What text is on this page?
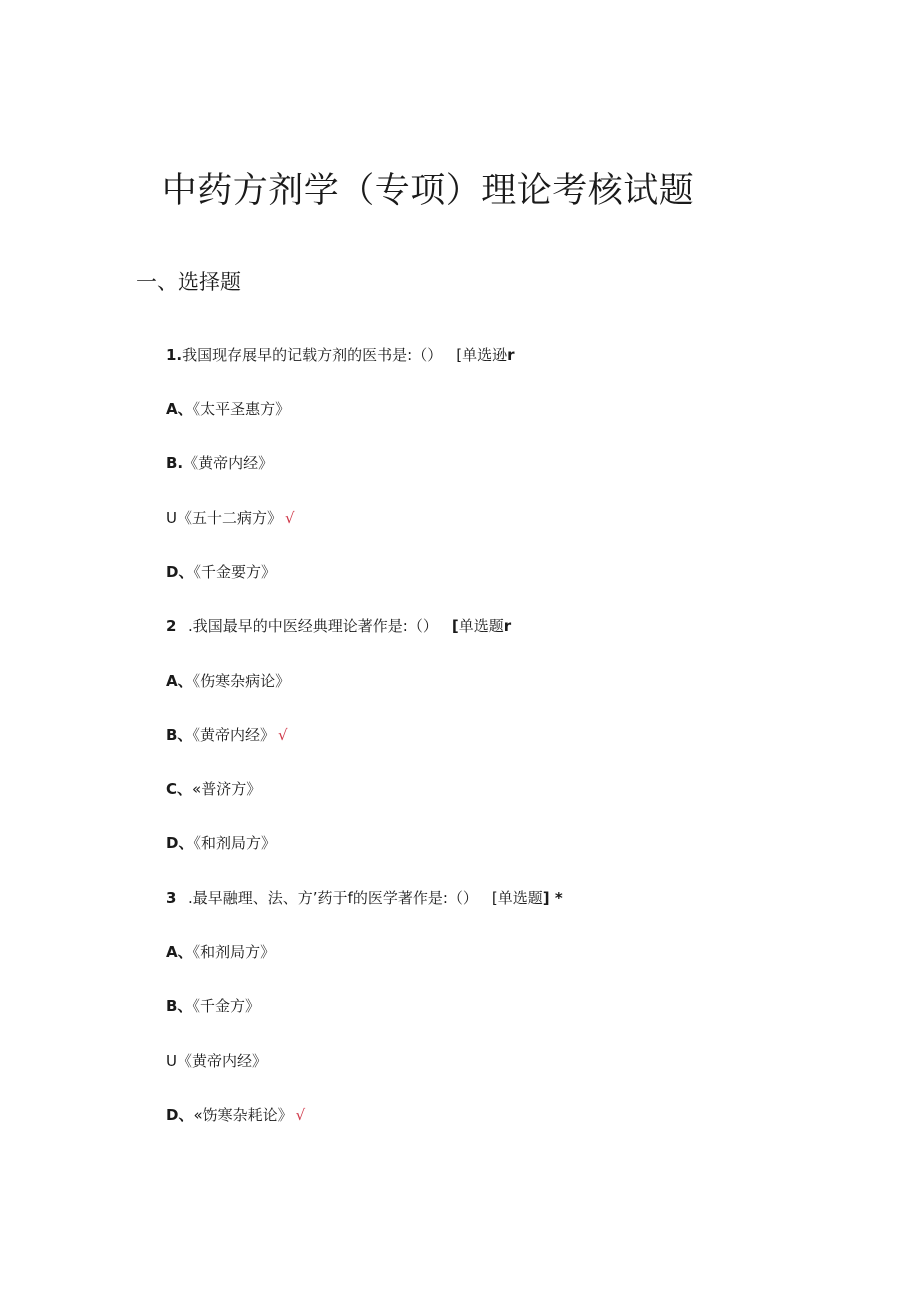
中药方剂学（专项）理论考核试题
一、选择题
1.我国现存展早的记载方剂的医书是:（） [单选逊r
A、《太平圣惠方》
B.《黄帝内经》
U《五十二病方》 √
D、《千金要方》
2 .我国最早的中医经典理论著作是:（） [单选题r
A、《伤寒杂病论》
B、《黄帝内经》 √
C、«普济方》
D、《和剂局方》
3 .最早融理、法、方’药于f的医学著作是:（） [单选题] *
A、《和剂局方》
B、《千金方》
U《黄帝内经》
D、«饬寒杂耗论》 √
